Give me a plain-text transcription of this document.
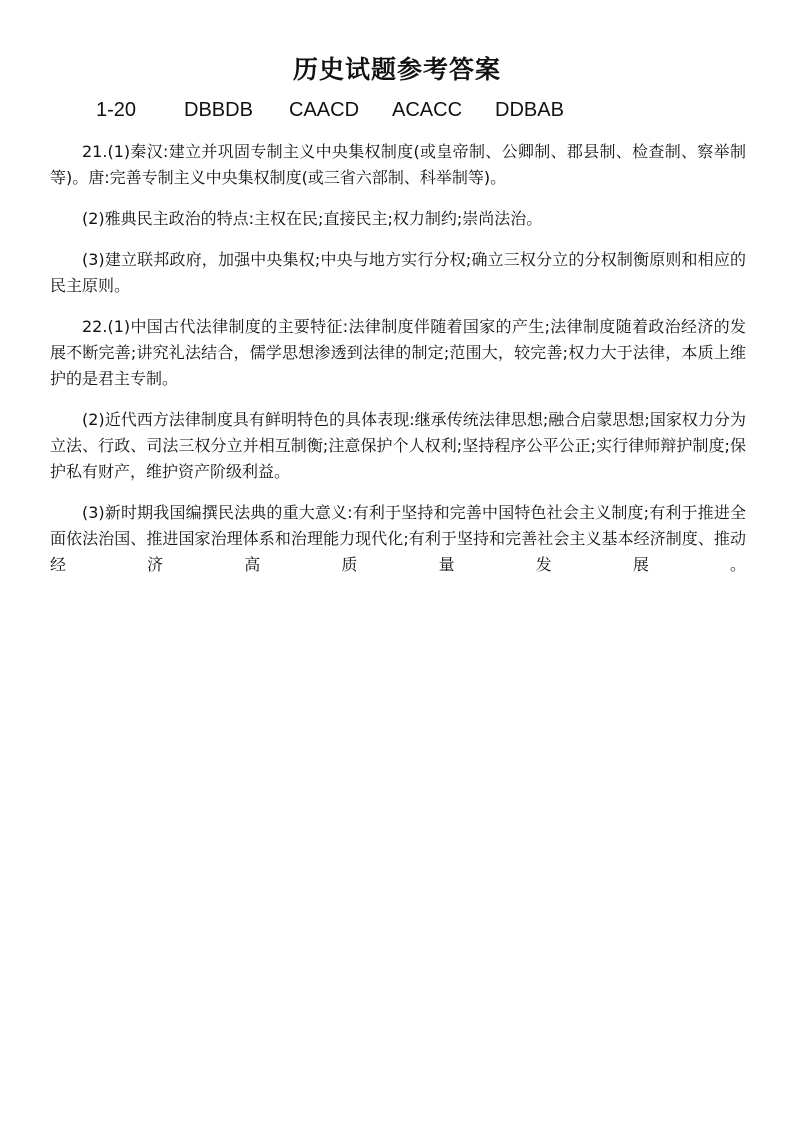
历史试题参考答案
1-20 DBBDB CAACD ACACC DDBAB

21.(1)秦汉:建立并巩固专制主义中央集权制度(或皇帝制、公卿制、郡县制、检查制、察举制等)。唐:完善专制主义中央集权制度(或三省六部制、科举制等)。

(2)雅典民主政治的特点:主权在民;直接民主;权力制约;崇尚法治。

(3)建立联邦政府，加强中央集权;中央与地方实行分权;确立三权分立的分权制衡原则和相应的民主原则。

22.(1)中国古代法律制度的主要特征:法律制度伴随着国家的产生;法律制度随着政治经济的发展不断完善;讲究礼法结合，儒学思想渗透到法律的制定;范围大，较完善;权力大于法律，本质上维护的是君主专制。

(2)近代西方法律制度具有鲜明特色的具体表现:继承传统法律思想;融合启蒙思想;国家权力分为立法、行政、司法三权分立并相互制衡;注意保护个人权利;坚持程序公平公正;实行律师辩护制度;保护私有财产，维护资产阶级利益。

(3)新时期我国编撰民法典的重大意义:有利于坚持和完善中国特色社会主义制度;有利于推进全面依法治国、推进国家治理体系和治理能力现代化;有利于坚持和完善社会主义基本经济制度、推动经济高质量发展。
